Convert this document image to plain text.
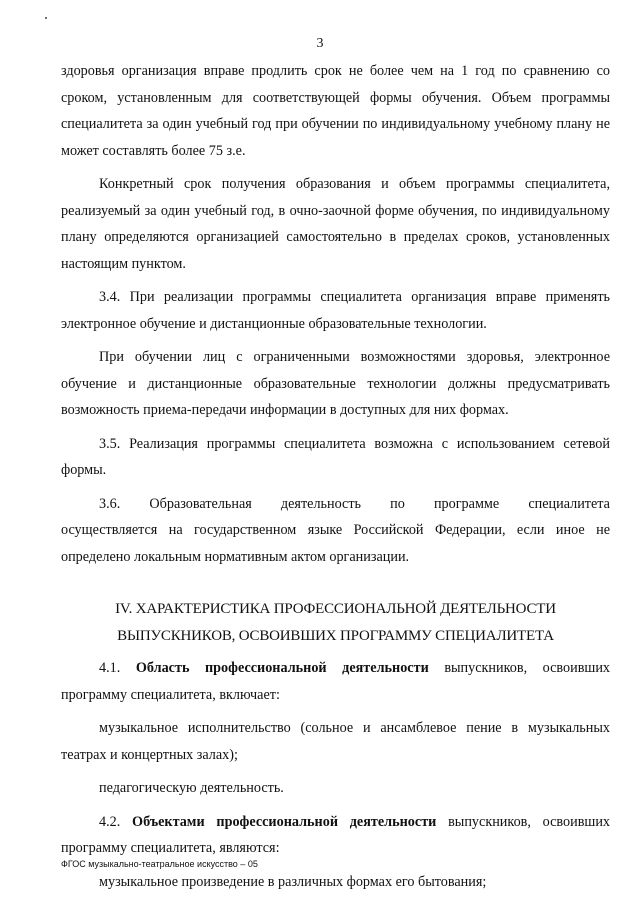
3

здоровья организация вправе продлить срок не более чем на 1 год по сравнению со сроком, установленным для соответствующей формы обучения. Объем программы специалитета за один учебный год при обучении по индивидуальному учебному плану не может составлять более 75 з.е.

Конкретный срок получения образования и объем программы специалитета, реализуемый за один учебный год, в очно-заочной форме обучения, по индивидуальному плану определяются организацией самостоятельно в пределах сроков, установленных настоящим пунктом.

3.4. При реализации программы специалитета организация вправе применять электронное обучение и дистанционные образовательные технологии.

При обучении лиц с ограниченными возможностями здоровья, электронное обучение и дистанционные образовательные технологии должны предусматривать возможность приема-передачи информации в доступных для них формах.

3.5. Реализация программы специалитета возможна с использованием сетевой формы.

3.6. Образовательная деятельность по программе специалитета

осуществляется на государственном языке Российской Федерации, если иное не определено локальным нормативным актом организации.

IV. ХАРАКТЕРИСТИКА ПРОФЕССИОНАЛЬНОЙ ДЕЯТЕЛЬНОСТИ

ВЫПУСКНИКОВ, ОСВОИВШИХ ПРОГРАММУ СПЕЦИАЛИТЕТА

4.1. Область профессиональной деятельности выпускников, освоивших программу специалитета, включает:

музыкальное исполнительство (сольное и ансамблевое пение в музыкальных театрах и концертных залах);

педагогическую деятельность.

4.2. Объектами профессиональной деятельности выпускников, освоивших программу специалитета, являются:

музыкальное произведение в различных формах его бытования;

ФГОС музыкально-театральное искусство – 05
